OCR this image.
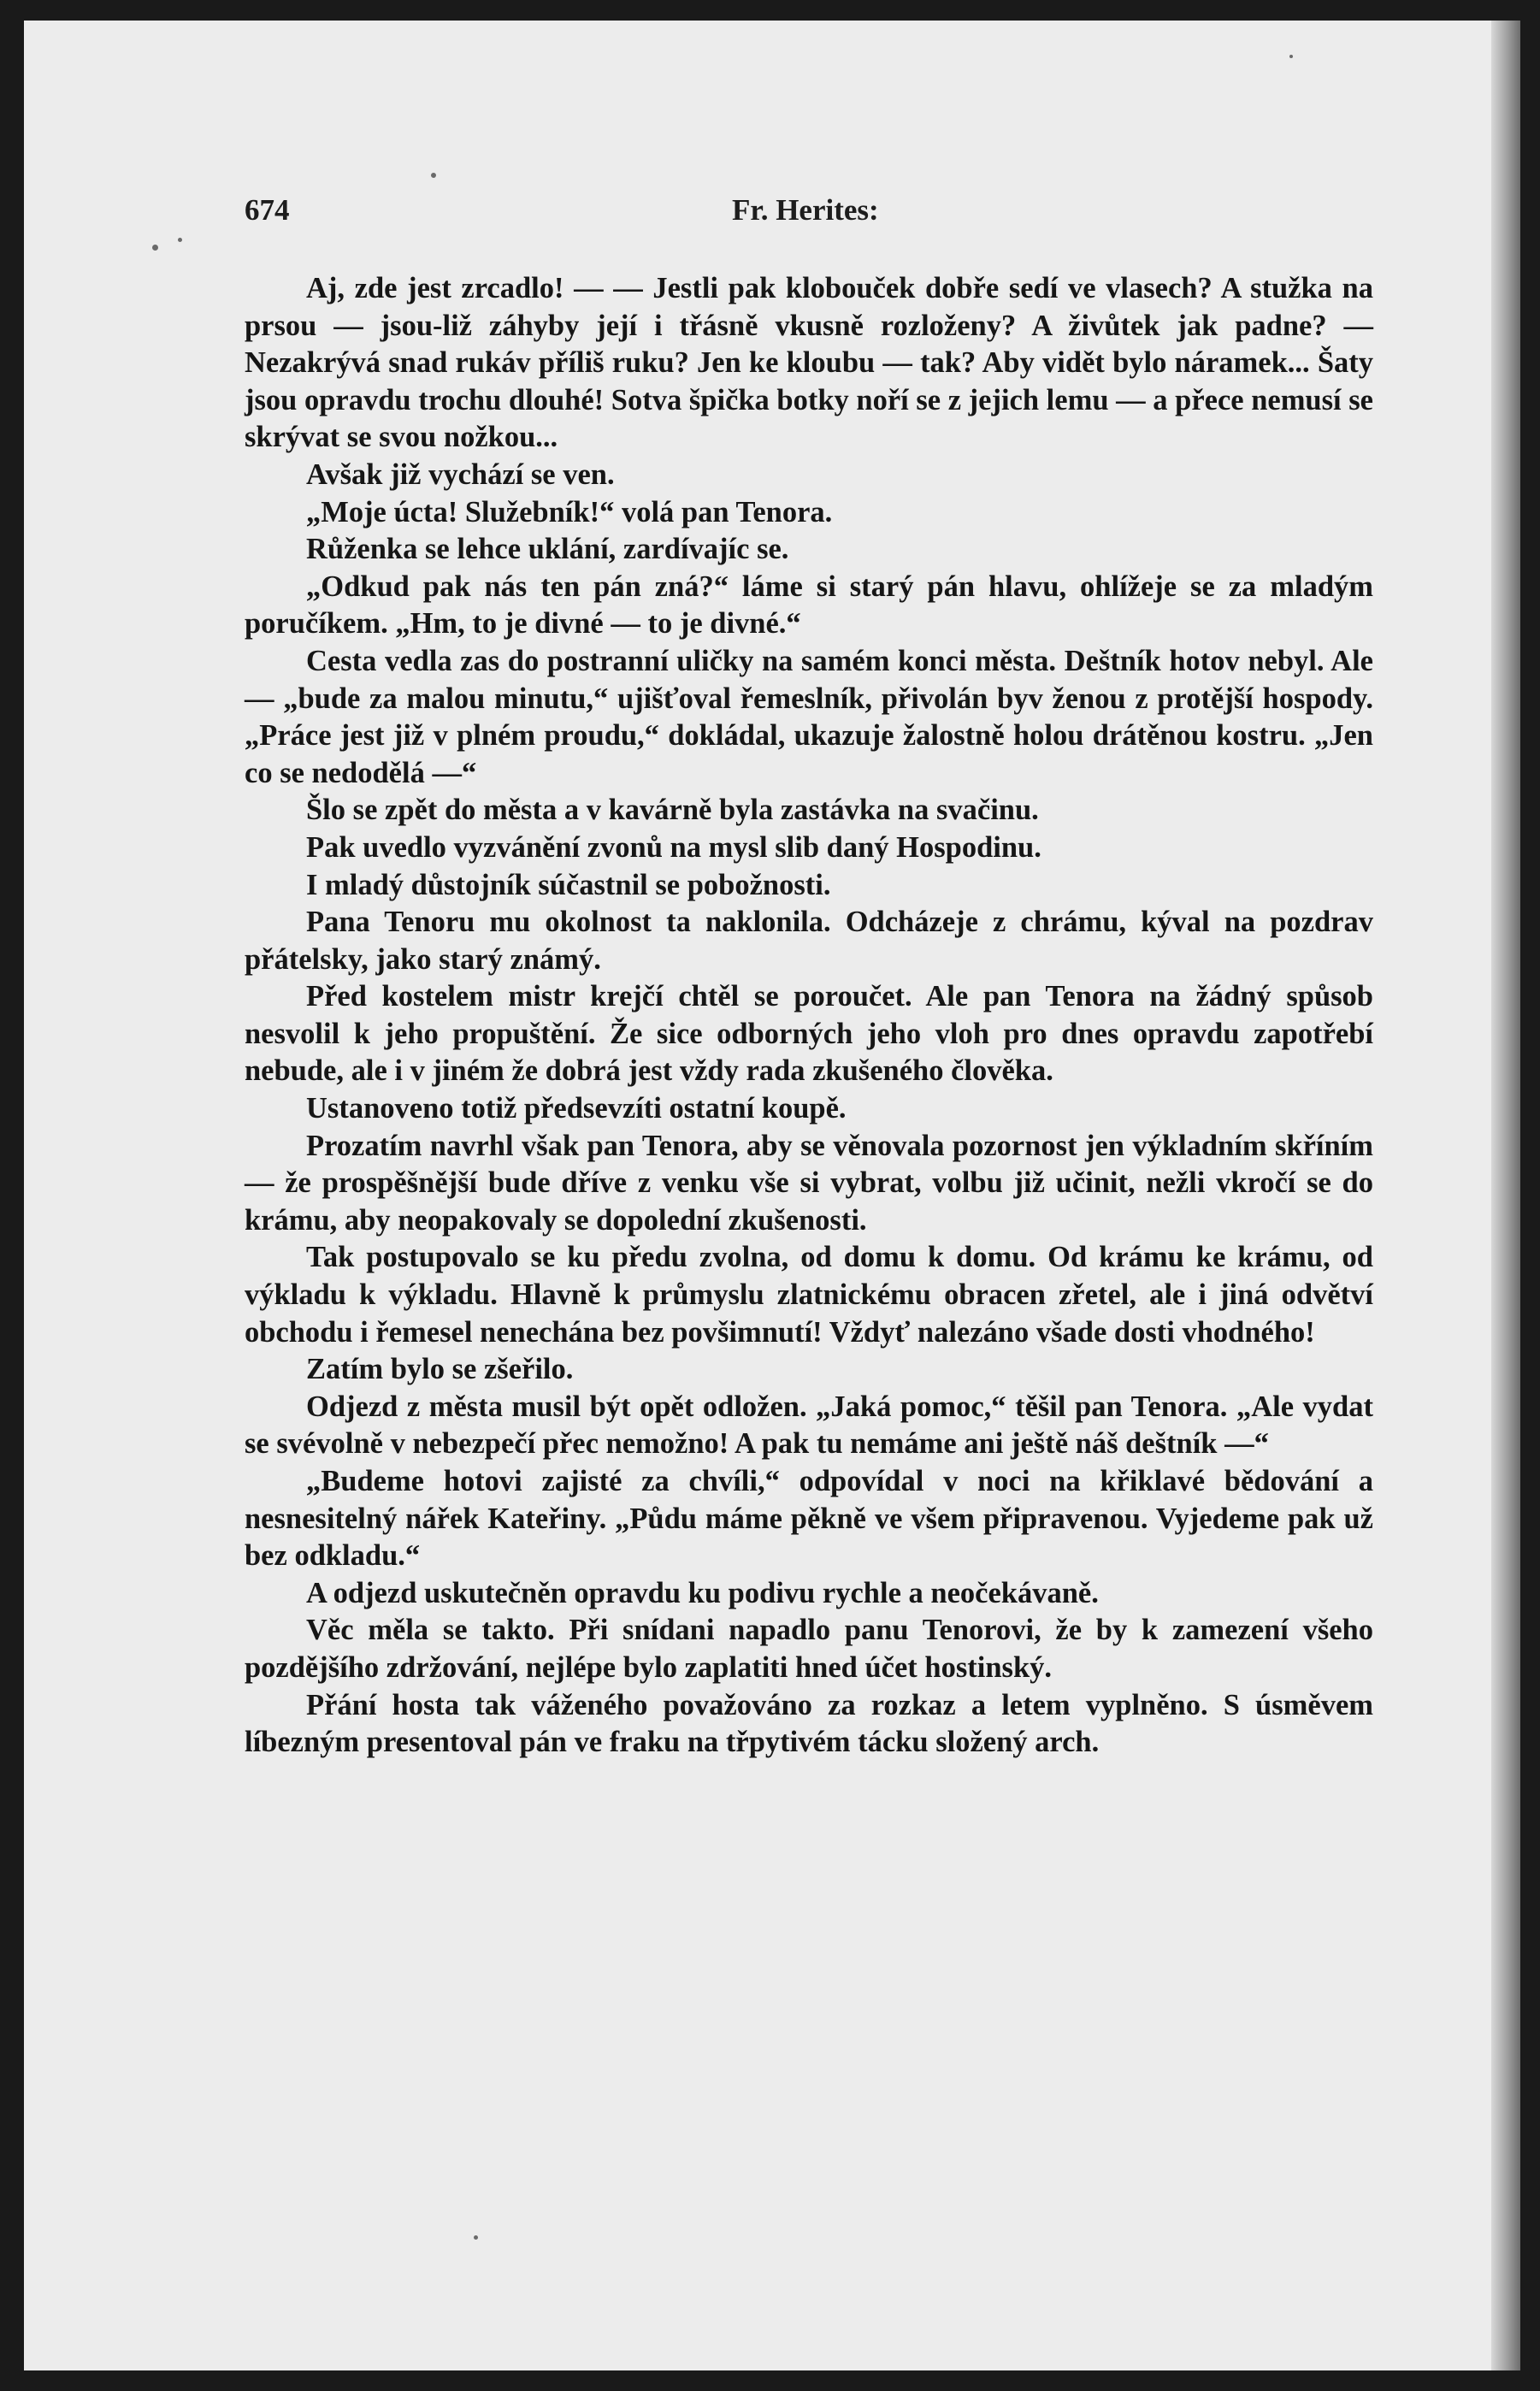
674	Fr. Herites:

Aj, zde jest zrcadlo! — — Jestli pak klobouček dobře sedí ve vlasech? A stužka na prsou — jsou-liž záhyby její i třásně vkusně rozloženy? A živůtek jak padne? — Nezakrývá snad rukáv příliš ruku? Jen ke kloubu — tak? Aby vidět bylo náramek... Šaty jsou opravdu trochu dlouhé! Sotva špička botky noří se z jejich lemu — a přece nemusí se skrývat se svou nožkou...

Avšak již vychází se ven.

„Moje úcta! Služebník!“ volá pan Tenora.

Růženka se lehce uklání, zardívajíc se.

„Odkud pak nás ten pán zná?“ láme si starý pán hlavu, ohlížeje se za mladým poručíkem. „Hm, to je divné — to je divné.“

Cesta vedla zas do postranní uličky na samém konci města. Deštník hotov nebyl. Ale — „bude za malou minutu,“ ujišťoval řemeslník, přivolán byv ženou z protější hospody. „Práce jest již v plném proudu,“ dokládal, ukazuje žalostně holou drátěnou kostru. „Jen co se nedodělá —“

Šlo se zpět do města a v kavárně byla zastávka na svačinu.

Pak uvedlo vyzvánění zvonů na mysl slib daný Hospodinu.

I mladý důstojník súčastnil se pobožnosti.

Pana Tenoru mu okolnost ta naklonila. Odcházeje z chrámu, kýval na pozdrav přátelsky, jako starý známý.

Před kostelem mistr krejčí chtěl se poroučet. Ale pan Tenora na žádný spůsob nesvolil k jeho propuštění. Že sice odborných jeho vloh pro dnes opravdu zapotřebí nebude, ale i v jiném že dobrá jest vždy rada zkušeného člověka.

Ustanoveno totiž předsevzíti ostatní koupě.

Prozatím navrhl však pan Tenora, aby se věnovala pozornost jen výkladním skříním — že prospěšnější bude dříve z venku vše si vybrat, volbu již učinit, nežli vkročí se do krámu, aby neopakovaly se dopolední zkušenosti.

Tak postupovalo se ku předu zvolna, od domu k domu. Od krámu ke krámu, od výkladu k výkladu. Hlavně k průmyslu zlatnickému obracen zřetel, ale i jiná odvětví obchodu i řemesel nenechána bez povšimnutí! Vždyť nalezáno všade dosti vhodného!

Zatím bylo se zšeřilo.

Odjezd z města musil být opět odložen. „Jaká pomoc,“ těšil pan Tenora. „Ale vydat se svévolně v nebezpečí přec nemožno! A pak tu nemáme ani ještě náš deštník —“

„Budeme hotovi zajisté za chvíli,“ odpovídal v noci na křiklavé bědování a nesnesitelný nářek Kateřiny. „Půdu máme pěkně ve všem připravenou. Vyjedeme pak už bez odkladu.“

A odjezd uskutečněn opravdu ku podivu rychle a neočekávaně.

Věc měla se takto. Při snídani napadlo panu Tenorovi, že by k zamezení všeho pozdějšího zdržování, nejlépe bylo zaplatiti hned účet hostinský.

Přání hosta tak váženého považováno za rozkaz a letem vyplněno. S úsměvem líbezným presentoval pán ve fraku na třpytivém tácku složený arch.
